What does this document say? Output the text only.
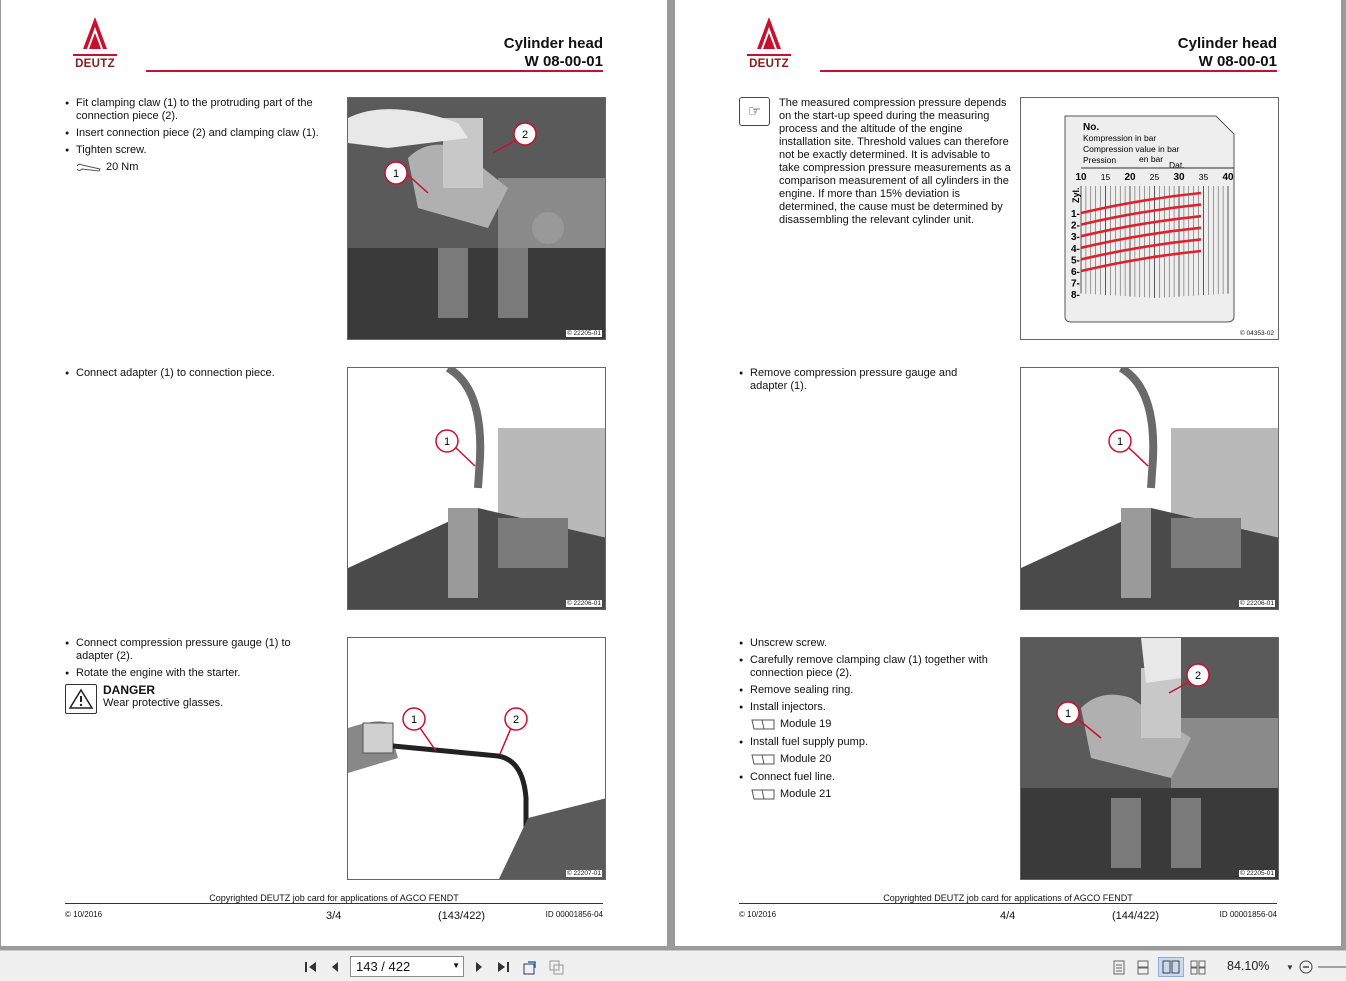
DEUTZ
Cylinder head
W 08-00-01
● Fit clamping claw (1) to the protruding part of the connection piece (2).
● Insert connection piece (2) and clamping claw (1).
● Tighten screw.
20 Nm
1
2
© 22205-01
● Connect adapter (1) to connection piece.
1
© 22206-01
● Connect compression pressure gauge (1) to adapter (2).
● Rotate the engine with the starter.
DANGER
Wear protective glasses.
1	2
© 22207-01
Copyrighted DEUTZ job card for applications of AGCO FENDT
© 10/2016	3/4	(143/422)	ID 00001856-04
DEUTZ
Cylinder head
W 08-00-01
☞	The measured compression pressure depends on the start-up speed during the measuring process and the altitude of the engine installation site. Threshold values can therefore not be exactly determined. It is advisable to take compression pressure measurements as a comparison measurement of all cylinders in the engine. If more than 15% deviation is determined, the cause must be determined by disassembling the relevant cylinder unit.
No.
Kompression in bar
Compression value in bar
Pression	en bar
Dat.
10 15 20 25 30 35 40
Zyl.
1-
2-
3-
4-
5-
6-
7-
8-
© 04353-02
● Remove compression pressure gauge and adapter (1).
1
© 22206-01
● Unscrew screw.
● Carefully remove clamping claw (1) together with connection piece (2).
● Remove sealing ring.
● Install injectors.
Module 19
● Install fuel supply pump.
Module 20
● Connect fuel line.
Module 21
1
2
© 22205-01
Copyrighted DEUTZ job card for applications of AGCO FENDT
© 10/2016	4/4	(144/422)	ID 00001856-04
143 / 422	▼	84.10% ▼
